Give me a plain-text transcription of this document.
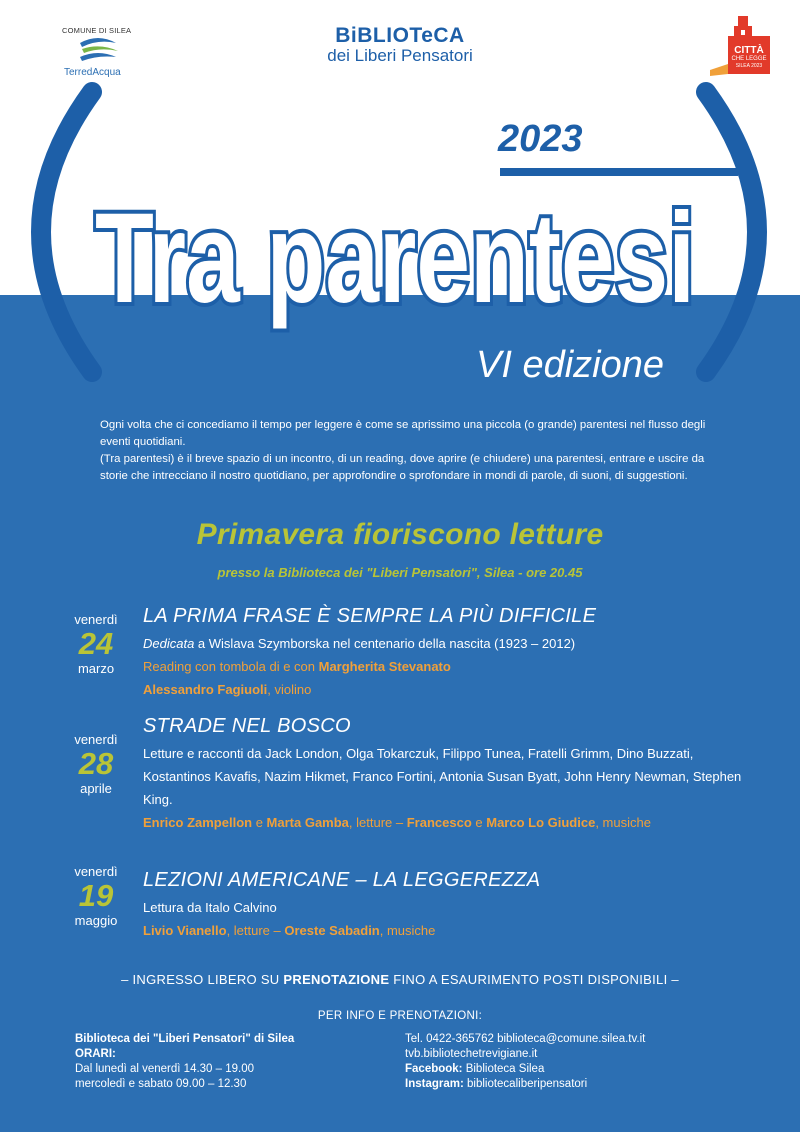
COMUNE DI SILEA
TerredAcqua
BiBLIOTeCA
dei Liberi Pensatori	CITTÀ
CHE LEGGE
SILEA 2023
Tra parentesi
2023
VI edizione

Ogni volta che ci concediamo il tempo per leggere è come se aprissimo una piccola (o grande) parentesi nel flusso degli eventi quotidiani.

(Tra parentesi) è il breve spazio di un incontro, di un reading, dove aprire (e chiudere) una parentesi, entrare e uscire da storie che intrecciano il nostro quotidiano, per approfondire o sprofondare in mondi di parole, di suoni, di suggestioni.

Primavera fioriscono letture
presso la Biblioteca dei "Liberi Pensatori", Silea - ore 20.45
venerdì
24
marzo
LA PRIMA FRASE È SEMPRE LA PIÙ DIFFICILE
Dedicata a Wislava Szymborska nel centenario della nascita (1923 – 2012)
Reading con tombola di e con Margherita Stevanato
Alessandro Fagiuoli, violino
venerdì
28
aprile
STRADE NEL BOSCO
Letture e racconti da Jack London, Olga Tokarczuk, Filippo Tunea, Fratelli Grimm, Dino Buzzati, Kostantinos Kavafis, Nazim Hikmet, Franco Fortini, Antonia Susan Byatt, John Henry Newman, Stephen King.
Enrico Zampellon e Marta Gamba, letture – Francesco e Marco Lo Giudice, musiche
venerdì
19
maggio
LEZIONI AMERICANE – LA LEGGEREZZA
Lettura da Italo Calvino
Livio Vianello, letture – Oreste Sabadin, musiche
– INGRESSO LIBERO SU PRENOTAZIONE FINO A ESAURIMENTO POSTI DISPONIBILI –
PER INFO E PRENOTAZIONI:
Biblioteca dei "Liberi Pensatori" di Silea
ORARI:
Dal lunedì al venerdì 14.30 – 19.00
mercoledì e sabato 09.00 – 12.30
Tel. 0422-365762 biblioteca@comune.silea.tv.it
tvb.bibliotechetrevigiane.it
Facebook: Biblioteca Silea
Instagram: bibliotecaliberipensatori
